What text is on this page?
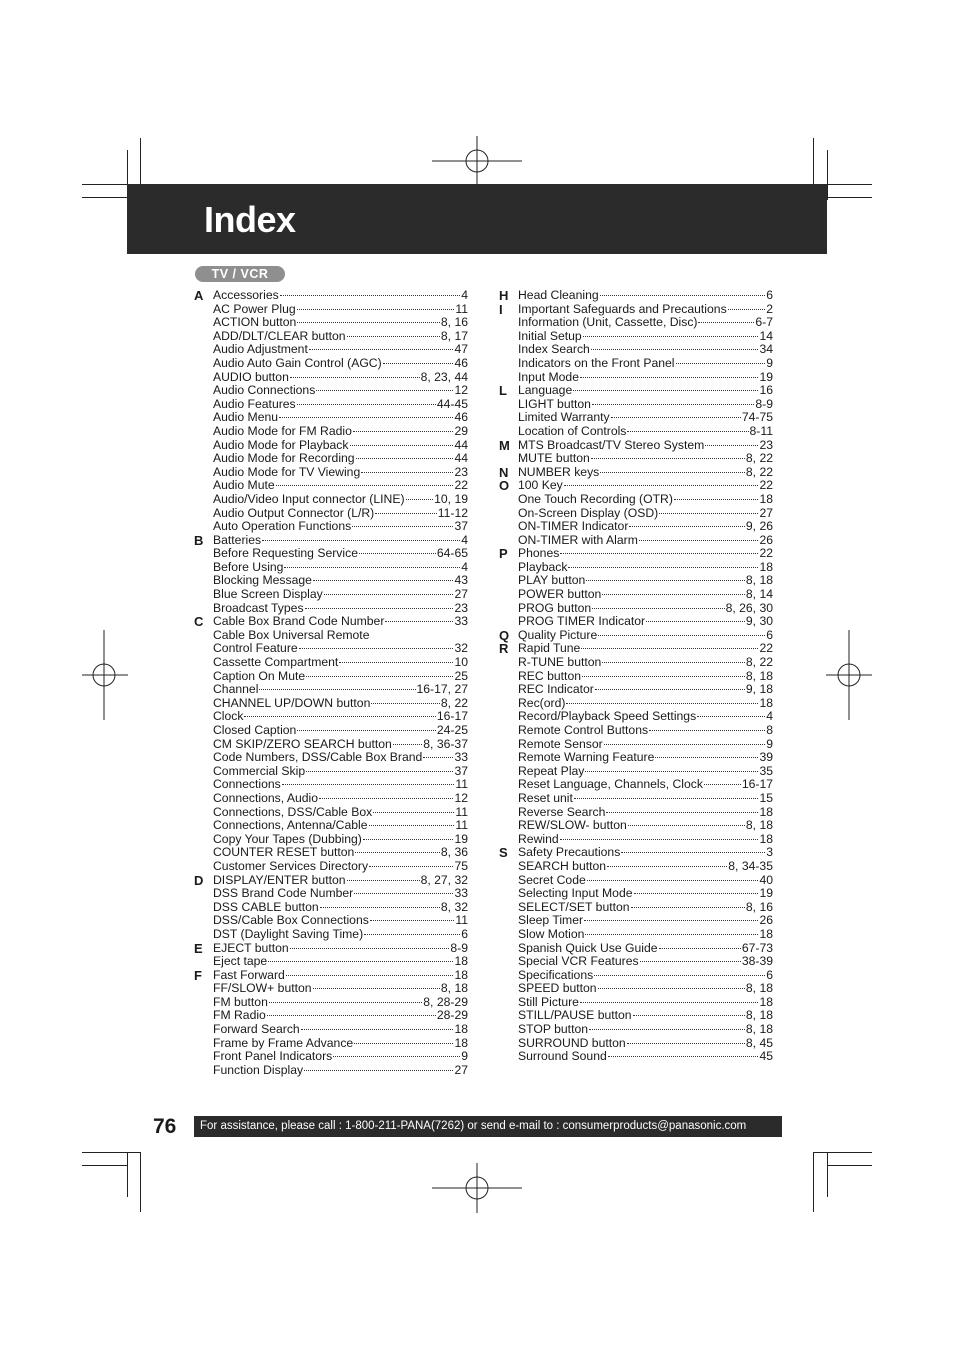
Index
TV / VCR
A Accessories	4
AC Power Plug	11
ACTION button	8, 16
ADD/DLT/CLEAR button	8, 17
Audio Adjustment	47
Audio Auto Gain Control (AGC)	46
AUDIO button	8, 23, 44
Audio Connections	12
Audio Features	44-45
Audio Menu	46
Audio Mode for FM Radio	29
Audio Mode for Playback	44
Audio Mode for Recording	44
Audio Mode for TV Viewing	23
Audio Mute	22
Audio/Video Input connector (LINE) 10, 19
Audio Output Connector (L/R)	11-12
Auto Operation Functions	37
B Batteries	4
Before Requesting Service	64-65
Before Using	4
Blocking Message	43
Blue Screen Display	27
Broadcast Types	23
C Cable Box Brand Code Number	33
Cable Box Universal Remote
Control Feature	32
Cassette Compartment	10
Caption On Mute	25
Channel	16-17, 27
CHANNEL UP/DOWN button	8, 22
Clock	16-17
Closed Caption	24-25
CM SKIP/ZERO SEARCH button	8, 36-37
Code Numbers, DSS/Cable Box Brand	33
Commercial Skip	37
Connections	11
Connections, Audio	12
Connections, DSS/Cable Box	11
Connections, Antenna/Cable	11
Copy Your Tapes (Dubbing)	19
COUNTER RESET button	8, 36
Customer Services Directory	75
D DISPLAY/ENTER button	8, 27, 32
DSS Brand Code Number	33
DSS CABLE button	8, 32
DSS/Cable Box Connections	11
DST (Daylight Saving Time)	6
E EJECT button	8-9
Eject tape	18
F Fast Forward	18
FF/SLOW+ button	8, 18
FM button	8, 28-29
FM Radio	28-29
Forward Search	18
Frame by Frame Advance	18
Front Panel Indicators	9
Function Display	27
H Head Cleaning	6
I Important Safeguards and Precautions	2
Information (Unit, Cassette, Disc)	6-7
Initial Setup	14
Index Search	34
Indicators on the Front Panel	9
Input Mode	19
L Language	16
LIGHT button	8-9
Limited Warranty	74-75
Location of Controls	8-11
M MTS Broadcast/TV Stereo System	23
MUTE button	8, 22
N NUMBER keys	8, 22
O 100 Key	22
One Touch Recording (OTR)	18
On-Screen Display (OSD)	27
ON-TIMER Indicator	9, 26
ON-TIMER with Alarm	26
P Phones	22
Playback	18
PLAY button	8, 18
POWER button	8, 14
PROG button	8, 26, 30
PROG TIMER Indicator	9, 30
Q Quality Picture	6
R Rapid Tune	22
R-TUNE button	8, 22
REC button	8, 18
REC Indicator	9, 18
Rec(ord)	18
Record/Playback Speed Settings	4
Remote Control Buttons	8
Remote Sensor	9
Remote Warning Feature	39
Repeat Play	35
Reset Language, Channels, Clock	16-17
Reset unit	15
Reverse Search	18
REW/SLOW- button	8, 18
Rewind	18
S Safety Precautions	3
SEARCH button	8, 34-35
Secret Code	40
Selecting Input Mode	19
SELECT/SET button	8, 16
Sleep Timer	26
Slow Motion	18
Spanish Quick Use Guide	67-73
Special VCR Features	38-39
Specifications	6
SPEED button	8, 18
Still Picture	18
STILL/PAUSE button	8, 18
STOP button	8, 18
SURROUND button	8, 45
Surround Sound	45
76	For assistance, please call : 1-800-211-PANA(7262) or send e-mail to : consumerproducts@panasonic.com
